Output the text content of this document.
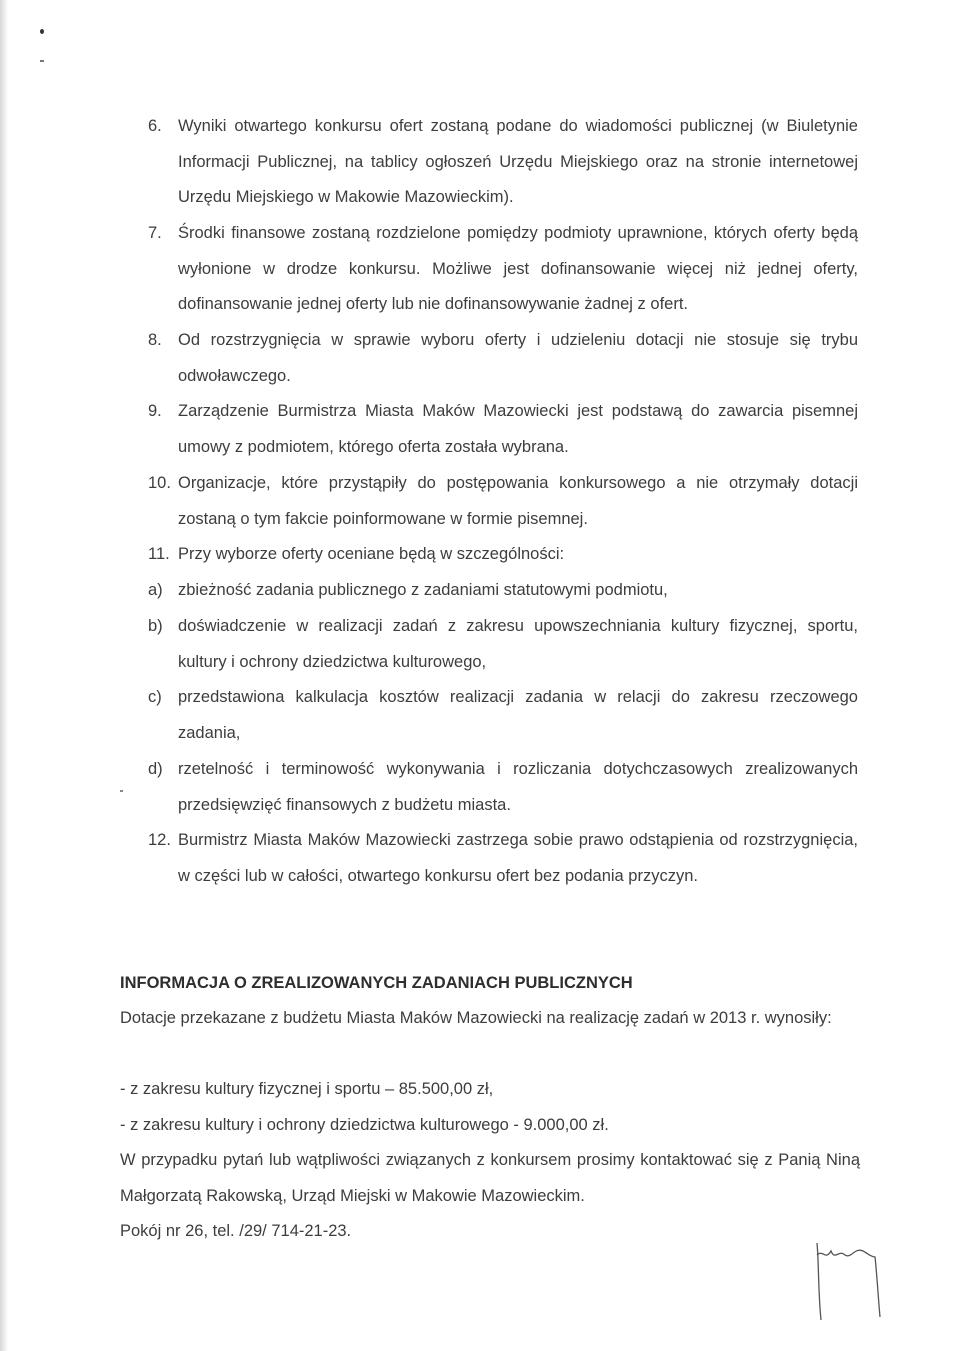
6. Wyniki otwartego konkursu ofert zostaną podane do wiadomości publicznej (w Biuletynie Informacji Publicznej, na tablicy ogłoszeń Urzędu Miejskiego oraz na stronie internetowej Urzędu Miejskiego w Makowie Mazowieckim).
7. Środki finansowe zostaną rozdzielone pomiędzy podmioty uprawnione, których oferty będą wyłonione w drodze konkursu. Możliwe jest dofinansowanie więcej niż jednej oferty, dofinansowanie jednej oferty lub nie dofinansowywanie żadnej z ofert.
8. Od rozstrzygnięcia w sprawie wyboru oferty i udzieleniu dotacji nie stosuje się trybu odwoławczego.
9. Zarządzenie Burmistrza Miasta Maków Mazowiecki jest podstawą do zawarcia pisemnej umowy z podmiotem, którego oferta została wybrana.
10. Organizacje, które przystąpiły do postępowania konkursowego a nie otrzymały dotacji zostaną o tym fakcie poinformowane w formie pisemnej.
11. Przy wyborze oferty oceniane będą w szczególności:
a) zbieżność zadania publicznego z zadaniami statutowymi podmiotu,
b) doświadczenie w realizacji zadań z zakresu upowszechniania kultury fizycznej, sportu, kultury i ochrony dziedzictwa kulturowego,
c) przedstawiona kalkulacja kosztów realizacji zadania w relacji do zakresu rzeczowego zadania,
d) rzetelność i terminowość wykonywania i rozliczania dotychczasowych zrealizowanych przedsięwzięć finansowych z budżetu miasta.
12. Burmistrz Miasta Maków Mazowiecki zastrzega sobie prawo odstąpienia od rozstrzygnięcia, w części lub w całości, otwartego konkursu ofert bez podania przyczyn.
INFORMACJA O ZREALIZOWANYCH ZADANIACH PUBLICZNYCH
Dotacje przekazane z budżetu Miasta Maków Mazowiecki na realizację zadań w 2013 r. wynosiły:
- z zakresu kultury fizycznej i sportu – 85.500,00 zł,
- z zakresu kultury i ochrony dziedzictwa kulturowego - 9.000,00 zł.
W przypadku pytań lub wątpliwości związanych z konkursem prosimy kontaktować się z Panią Niną Małgorzatą Rakowską, Urząd Miejski w Makowie Mazowieckim.
Pokój nr 26, tel. /29/ 714-21-23.
